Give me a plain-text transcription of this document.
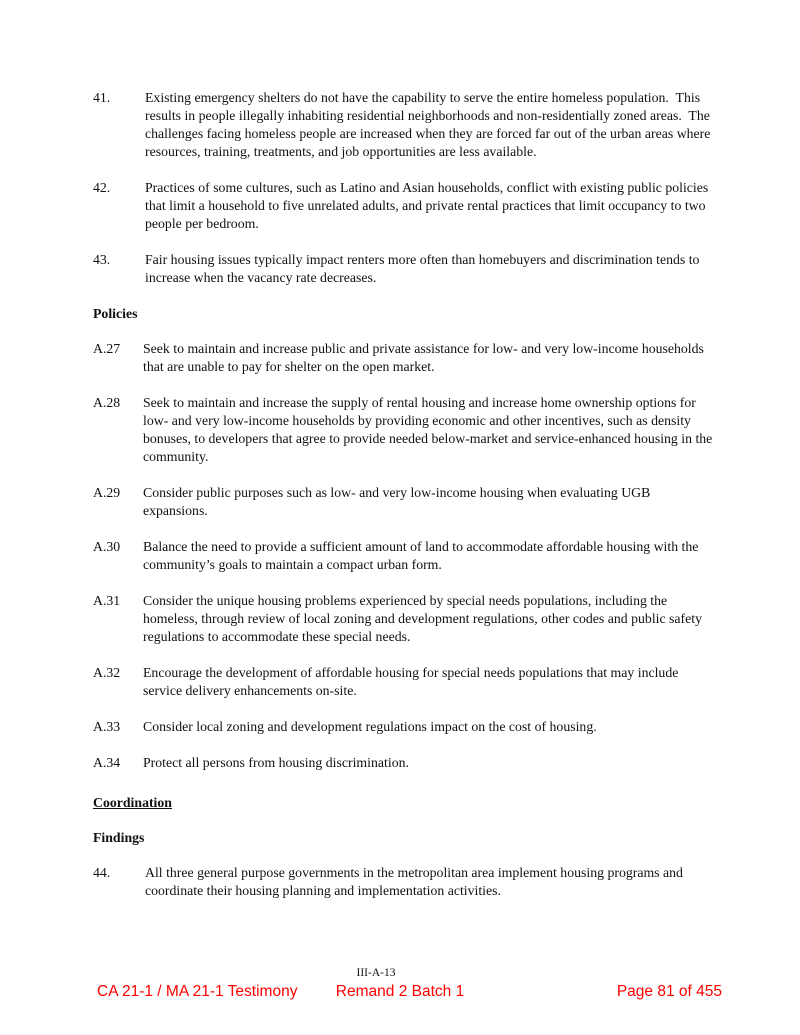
41.	Existing emergency shelters do not have the capability to serve the entire homeless population.  This results in people illegally inhabiting residential neighborhoods and non-residentially zoned areas.  The challenges facing homeless people are increased when they are forced far out of the urban areas where resources, training, treatments, and job opportunities are less available.

42.	Practices of some cultures, such as Latino and Asian households, conflict with existing public policies that limit a household to five unrelated adults, and private rental practices that limit occupancy to two people per bedroom.

43.	Fair housing issues typically impact renters more often than homebuyers and discrimination tends to increase when the vacancy rate decreases.

Policies
A.27	Seek to maintain and increase public and private assistance for low- and very low-income households that are unable to pay for shelter on the open market.

A.28	Seek to maintain and increase the supply of rental housing and increase home ownership options for low- and very low-income households by providing economic and other incentives, such as density bonuses, to developers that agree to provide needed below-market and service-enhanced housing in the community.

A.29	Consider public purposes such as low- and very low-income housing when evaluating UGB expansions.

A.30	Balance the need to provide a sufficient amount of land to accommodate affordable housing with the community’s goals to maintain a compact urban form.

A.31	Consider the unique housing problems experienced by special needs populations, including the homeless, through review of local zoning and development regulations, other codes and public safety regulations to accommodate these special needs.

A.32	Encourage the development of affordable housing for special needs populations that may include service delivery enhancements on-site.

A.33	Consider local zoning and development regulations impact on the cost of housing.

A.34	Protect all persons from housing discrimination.

Coordination
Findings
44.	All three general purpose governments in the metropolitan area implement housing programs and coordinate their housing planning and implementation activities.

III-A-13
CA 21-1 / MA 21-1 Testimony Remand 2 Batch 1	Page 81 of 455
